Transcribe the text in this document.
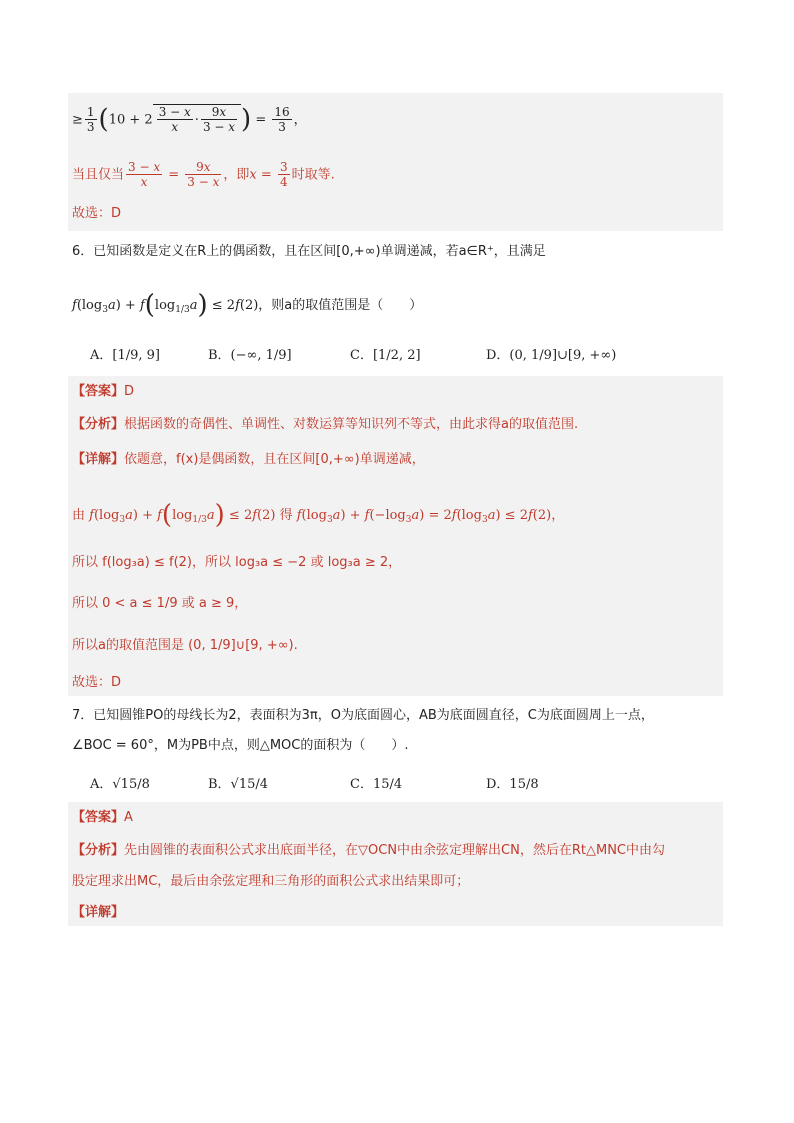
≥ $\frac{1}{3} (10 + 2 \frac{3 - x}{x} \cdot \frac{9x}{3 - x}$ ) = $\frac{16}{3}$ ，
当且仅当 $\frac{3 - x}{x} = \frac{9x}{3 - x}$ ，即$x = \frac{3}{4}$ 时取等.
故选：D
6．已知函数是定义在R上的偶函数，且在区间[0,+∞)单调递减，若a∈R⁺，且满足
$f(\log_3a) + f(\log_{1/3}a) \le 2f(2)$，则a的取值范围是（　　）
A．[1/9, 9]	B．(−∞, 1/9]	C．[1/2, 2]	D．(0, 1/9]∪[9, +∞)
【答案】D
【分析】根据函数的奇偶性、单调性、对数运算等知识列不等式，由此求得a的取值范围.
【详解】依题意，f(x)是偶函数，且在区间[0,+∞)单调递减，
由 $f(\log_3a) + f(\log_{1/3}a) \le 2f(2)$ 得 $f(\log_3a) + f(-\log_3a) = 2f(\log_3a) \le 2f(2)$，
所以 f(log₃a) ≤ f(2)，所以 log₃a ≤ −2 或 log₃a ≥ 2，
所以 0 < a ≤ 1/9 或 a ≥ 9，
所以a的取值范围是 (0, 1/9]∪[9, +∞).
故选：D
7．已知圆锥PO的母线长为2，表面积为3π，O为底面圆心，AB为底面圆直径，C为底面圆周上一点，
∠BOC = 60°，M为PB中点，则△MOC的面积为（　　）.
A．√15/8	B．√15/4	C．15/4	D．15/8
【答案】A
【分析】先由圆锥的表面积公式求出底面半径，在▽OCN中由余弦定理解出CN，然后在Rt△MNC中由勾
股定理求出MC，最后由余弦定理和三角形的面积公式求出结果即可；
【详解】
